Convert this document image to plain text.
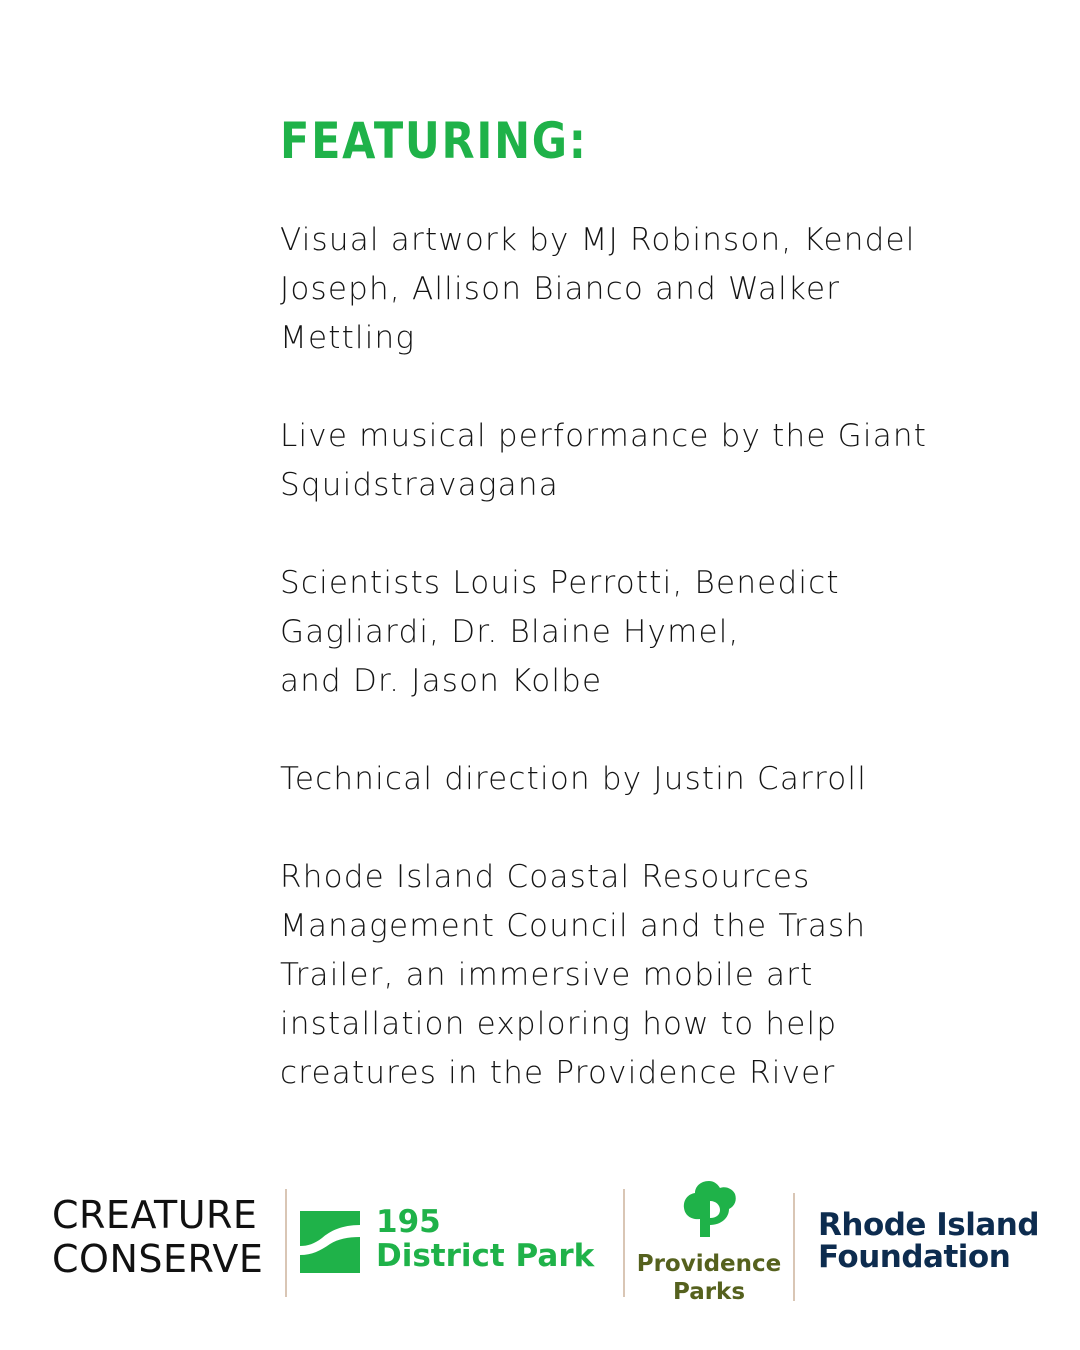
FEATURING:

Visual artwork by MJ Robinson, Kendel
Joseph, Allison Bianco and Walker
Mettling

Live musical performance by the Giant
Squidstravagana

Scientists Louis Perrotti, Benedict
Gagliardi, Dr. Blaine Hymel,
and Dr. Jason Kolbe

Technical direction by Justin Carroll

Rhode Island Coastal Resources
Management Council and the Trash
Trailer, an immersive mobile art
installation exploring how to help
creatures in the Providence River

CREATURE
CONSERVE
195
District Park Providence
Parks
Rhode Island
Foundation
